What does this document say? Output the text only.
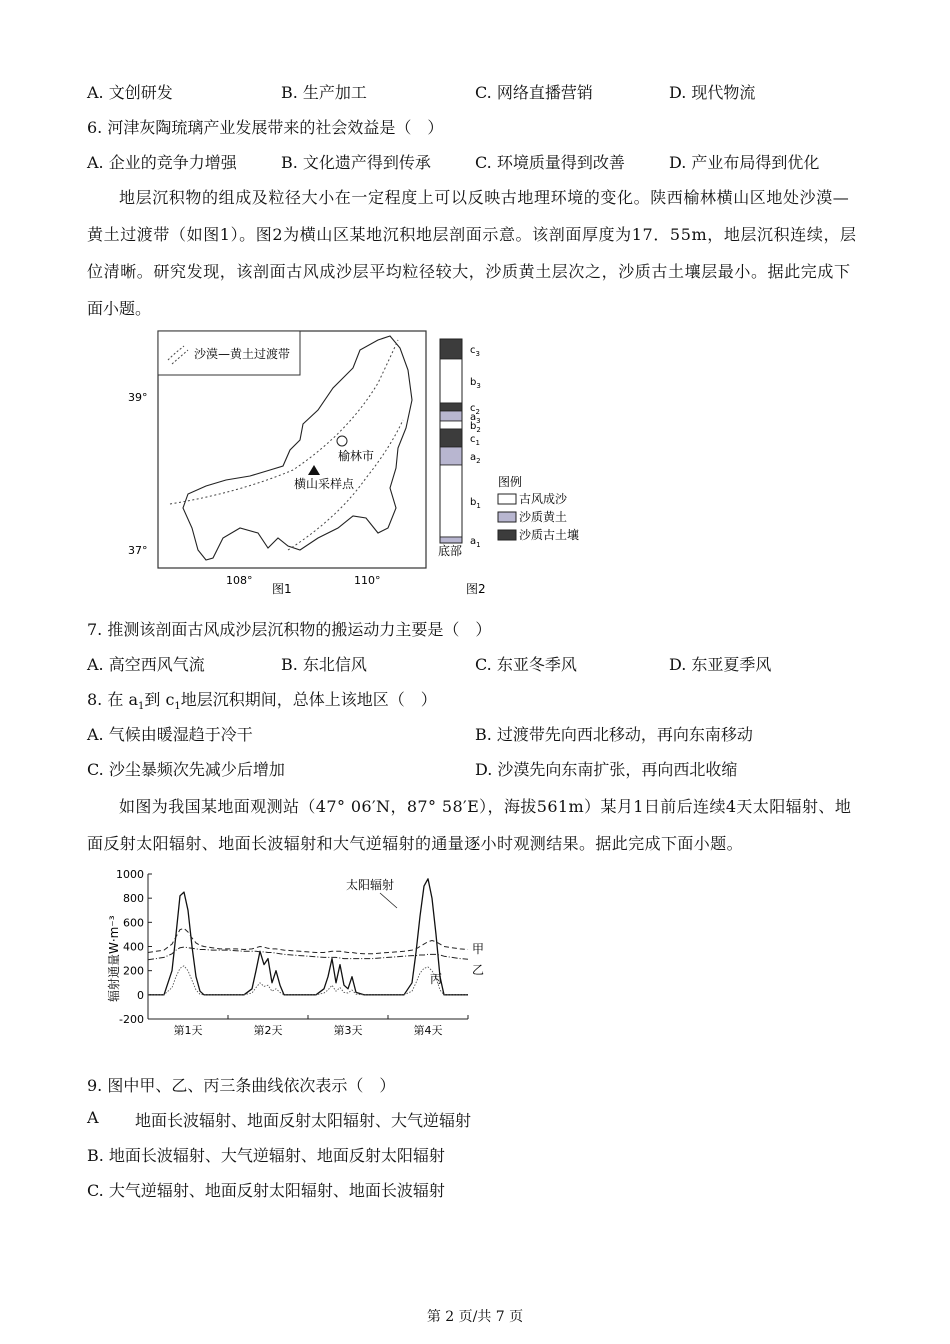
A. 文创研发	B. 生产加工	C. 网络直播营销	D. 现代物流
6. 河津灰陶琉璃产业发展带来的社会效益是（　）
A. 企业的竞争力增强	B. 文化遗产得到传承	C. 环境质量得到改善	D. 产业布局得到优化
地层沉积物的组成及粒径大小在一定程度上可以反映古地理环境的变化。陕西榆林横山区地处沙漠—
黄土过渡带（如图1）。图2为横山区某地沉积地层剖面示意。该剖面厚度为17．55m，地层沉积连续，层
位清晰。研究发现，该剖面古风成沙层平均粒径较大，沙质黄土层次之，沙质古土壤层最小。据此完成下
面小题。
沙漠—黄土过渡带
榆林市
横山采样点
39°
37°
108°	110°
图1
$c_3$
$b_3$
$c_2$
$a_3$
$b_2$
$c_1$
$a_2$
$b_1$
$a_1$
底部
图例
古风成沙
沙质黄土
沙质古土壤
图2
7. 推测该剖面古风成沙层沉积物的搬运动力主要是（　）
A. 高空西风气流	B. 东北信风	C. 东亚冬季风	D. 东亚夏季风
8. 在 $a_1$到 $c_1$地层沉积期间，总体上该地区（　）
A. 气候由暖湿趋于冷干	B. 过渡带先向西北移动，再向东南移动
C. 沙尘暴频次先减少后增加	D. 沙漠先向东南扩张，再向西北收缩
如图为我国某地面观测站（47° 06′N，87° 58′E），海拔561m）某月1日前后连续4天太阳辐射、地
面反射太阳辐射、地面长波辐射和大气逆辐射的通量逐小时观测结果。据此完成下面小题。
1000
800
600
400
200
0
-200
第1天	第2天	第3天	第4天
辐射通量W·m⁻³
太阳辐射
甲
乙
丙
9. 图中甲、乙、丙三条曲线依次表示（　）
A 地面长波辐射、地面反射太阳辐射、大气逆辐射
B. 地面长波辐射、大气逆辐射、地面反射太阳辐射
C. 大气逆辐射、地面反射太阳辐射、地面长波辐射
第 2 页/共 7 页
